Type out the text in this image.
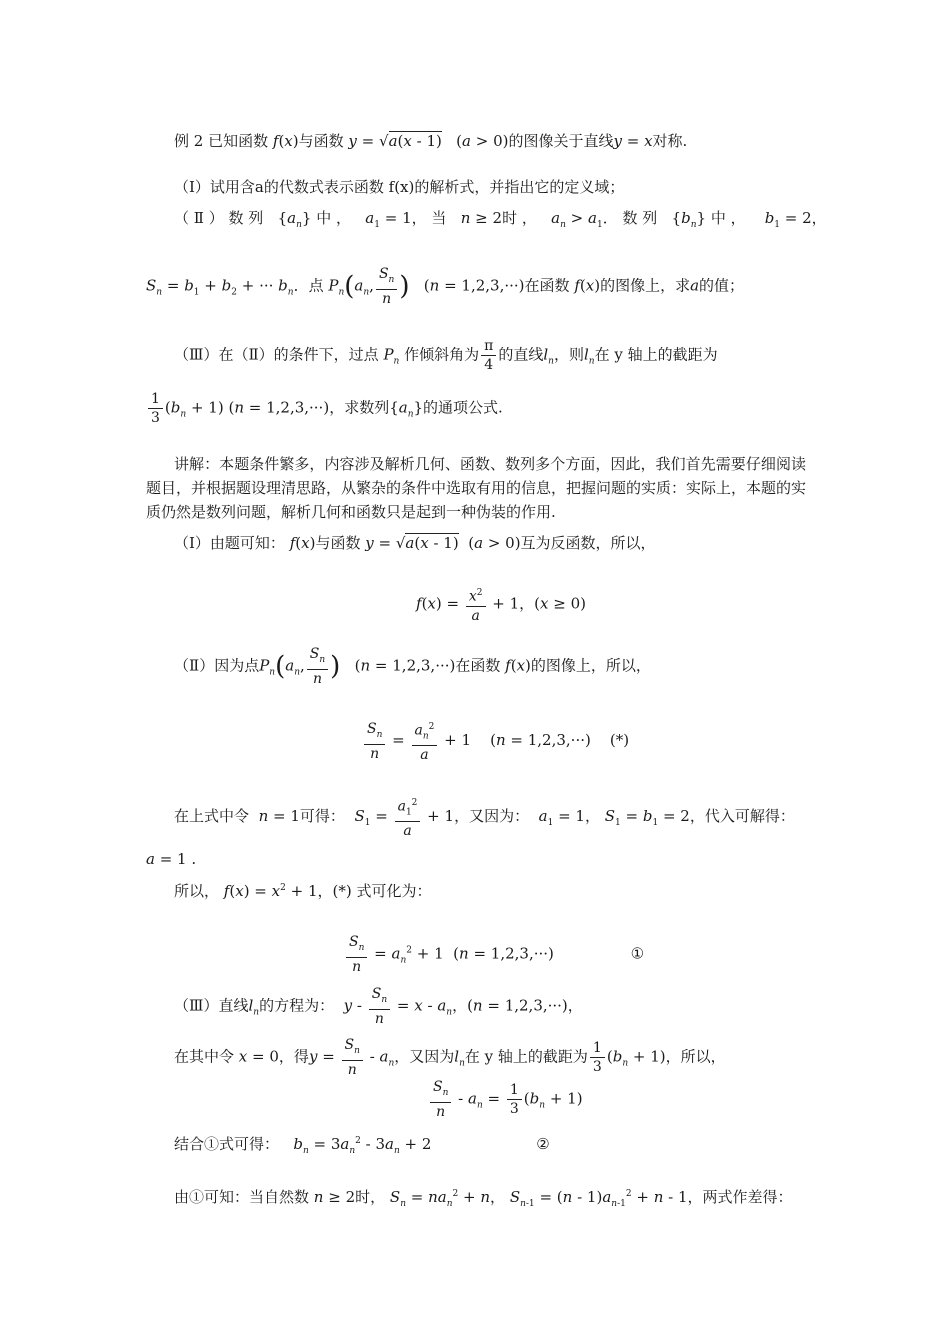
例 2 已知函数 f(x)与函数 y = √a(x - 1)   (a > 0)的图像关于直线y = x对称.
（Ⅰ）试用含a的代数式表示函数 f(x)的解析式，并指出它的定义域；
（ Ⅱ ） 数 列   $\{a_n\}$ 中 ， $a_1 = 1$， 当 n ≥ 2时 ， $a_n > a_1$． 数 列   $\{b_n\}$ 中 ， $b_1 = 2$，
$S_n = b_1 + b_2$ + ··· $b_n$．点 $P_n(a_n$, $\frac{S_n}{n}$ )   (n = 1,2,3,···)在函数 f(x)的图像上，求a的值；
（Ⅲ）在（Ⅱ）的条件下，过点 $P_n$ 作倾斜角为 $\frac{\pi}{4}$ 的直线$l_n$，则$l_n$在 y 轴上的截距为
$\frac{1}{3} (b_n + 1) (n = 1,2,3,\cdot\cdot\cdot)$，求数列$\{a_n\}$的通项公式.
讲解：本题条件繁多，内容涉及解析几何、函数、数列多个方面，因此，我们首先需要仔细阅读题目，并根据题设理清思路，从繁杂的条件中选取有用的信息，把握问题的实质：实际上，本题的实质仍然是数列问题，解析几何和函数只是起到一种伪装的作用.
（Ⅰ）由题可知： f(x)与函数 y = √a(x - 1)  (a > 0)互为反函数，所以，
$f(x) = \frac{x^2}{a} + 1$，(x ≥ 0)
（Ⅱ）因为点$P_n(a_n$, $\frac{S_n}{n}$ )   (n = 1,2,3,···)在函数 f(x)的图像上，所以，
$\frac{S_n}{n} = \frac{a_n^2}{a} + 1$    (n = 1,2,3,···)    (*)
在上式中令 n = 1可得： $S_1 = \frac{a_1^2}{a} + 1$，又因为： $a_1 = 1$， $S_1 = b_1 = 2$，代入可解得：
a = 1 .
所以， $f(x) = x^2 + 1$，(*) 式可化为：
$\frac{S_n}{n} = a_n^2 + 1$  (n = 1,2,3,···)	①
（Ⅲ）直线$l_n$的方程为： $y - \frac{S_n}{n} = x - a_n$，(n = 1,2,3,···)，
在其中令 x = 0，得$y = \frac{S_n}{n} - a_n$，又因为$l_n$在 y 轴上的截距为 $\frac{1}{3} (b_n + 1)$，所以，
$\frac{S_n}{n} - a_n = \frac{1}{3} (b_n + 1)$
结合①式可得： $b_n = 3a_n^2 - 3a_n + 2$	②
由①可知：当自然数 n ≥ 2时， $S_n = na_n^2 + n$， $S_{n-1} = (n - 1)a_{n-1}^2 + n - 1$，两式作差得：
